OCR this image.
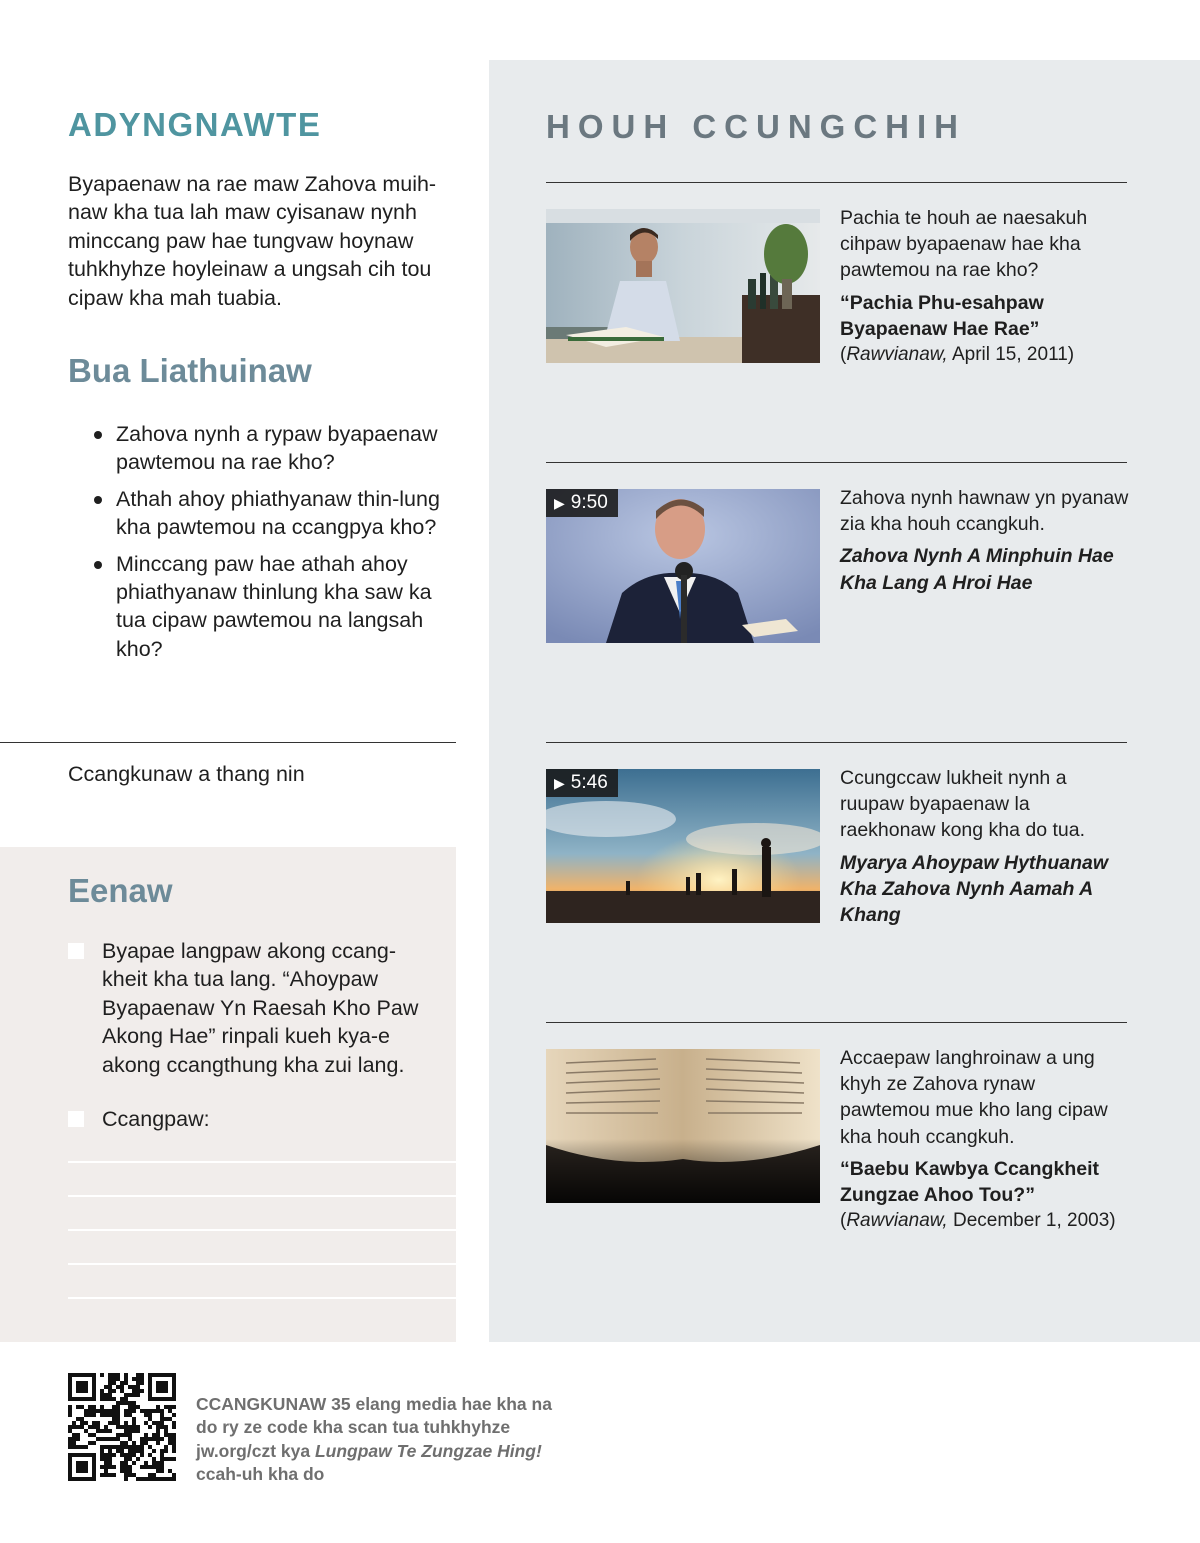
ADYNGNAWTE

Byapaenaw na rae maw Zahova muih-naw kha tua lah maw cyisanaw nynh minccang paw hae tungvaw hoynaw tuhkhyhze hoyleinaw a ungsah cih tou cipaw kha mah tuabia.

Bua Liathuinaw
Zahova nynh a rypaw byapaenaw pawtemou na rae kho?
Athah ahoy phiathyanaw thin-lung kha pawtemou na ccangpya kho?
Minccang paw hae athah ahoy phiathyanaw thinlung kha saw ka tua cipaw pawtemou na langsah kho?
Ccangkunaw a thang nin
Eenaw
Byapae langpaw akong ccang-kheit kha tua lang. “Ahoypaw Byapaenaw Yn Raesah Kho Paw Akong Hae” rinpali kueh kya-e akong ccangthung kha zui lang.
Ccangpaw:
HOUH CCUNGCHIH
Pachia te houh ae naesakuh cihpaw byapaenaw hae kha pawtemou na rae kho?
“Pachia Phu-esahpaw Byapaenaw Hae Rae”
(Rawvianaw, April 15, 2011)
▶ 9:50	Zahova nynh hawnaw yn pyanaw zia kha houh ccangkuh.
Zahova Nynh A Minphuin Hae Kha Lang A Hroi Hae
▶ 5:46	Ccungccaw lukheit nynh a ruupaw byapaenaw la raekhonaw kong kha do tua.
Myarya Ahoypaw Hythuanaw Kha Zahova Nynh Aamah A Khang
Accaepaw langhroinaw a ung khyh ze Zahova rynaw pawtemou mue kho lang cipaw kha houh ccangkuh.
“Baebu Kawbya Ccangkheit Zungzae Ahoo Tou?”
(Rawvianaw, December 1, 2003)

CCANGKUNAW 35 elang media hae kha na do ry ze code kha scan tua tuhkhyhze jw.org/czt kya Lungpaw Te Zungzae Hing! ccah-uh kha do
